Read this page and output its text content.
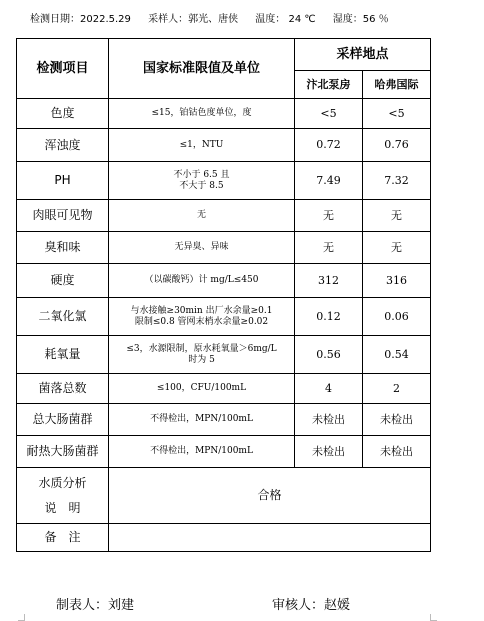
检测日期：2022.5.29 采样人：郭光、唐侠 温度： 24 ℃ 湿度：56 ％
检测项目	国家标准限值及单位	采样地点	
		汴北泵房	哈弗国际
色度	≤15，铂钴色度单位，度	<5	<5
浑浊度	≤1，NTU	0.72	0.76
PH	不小于 6.5 且
不大于 8.5	7.49	7.32
肉眼可见物	无	无	无
臭和味	无异臭、异味	无	无
硬度	（以碳酸钙）计 mg/L≤450	312	316
二氧化氯	与水接触≥30min 出厂水余量≥0.1
限制≤0.8 管网末梢水余量≥0.02	0.12	0.06
耗氧量	≤3，水源限制，原水耗氧量＞6mg/L
时为 5	0.56	0.54
菌落总数	≤100，CFU/100mL	4	2
总大肠菌群	不得检出，MPN/100mL	未检出	未检出
耐热大肠菌群	不得检出，MPN/100mL	未检出	未检出

水质分析
说　明	合格		
备　注			
制表人：刘建	审核人：赵媛
